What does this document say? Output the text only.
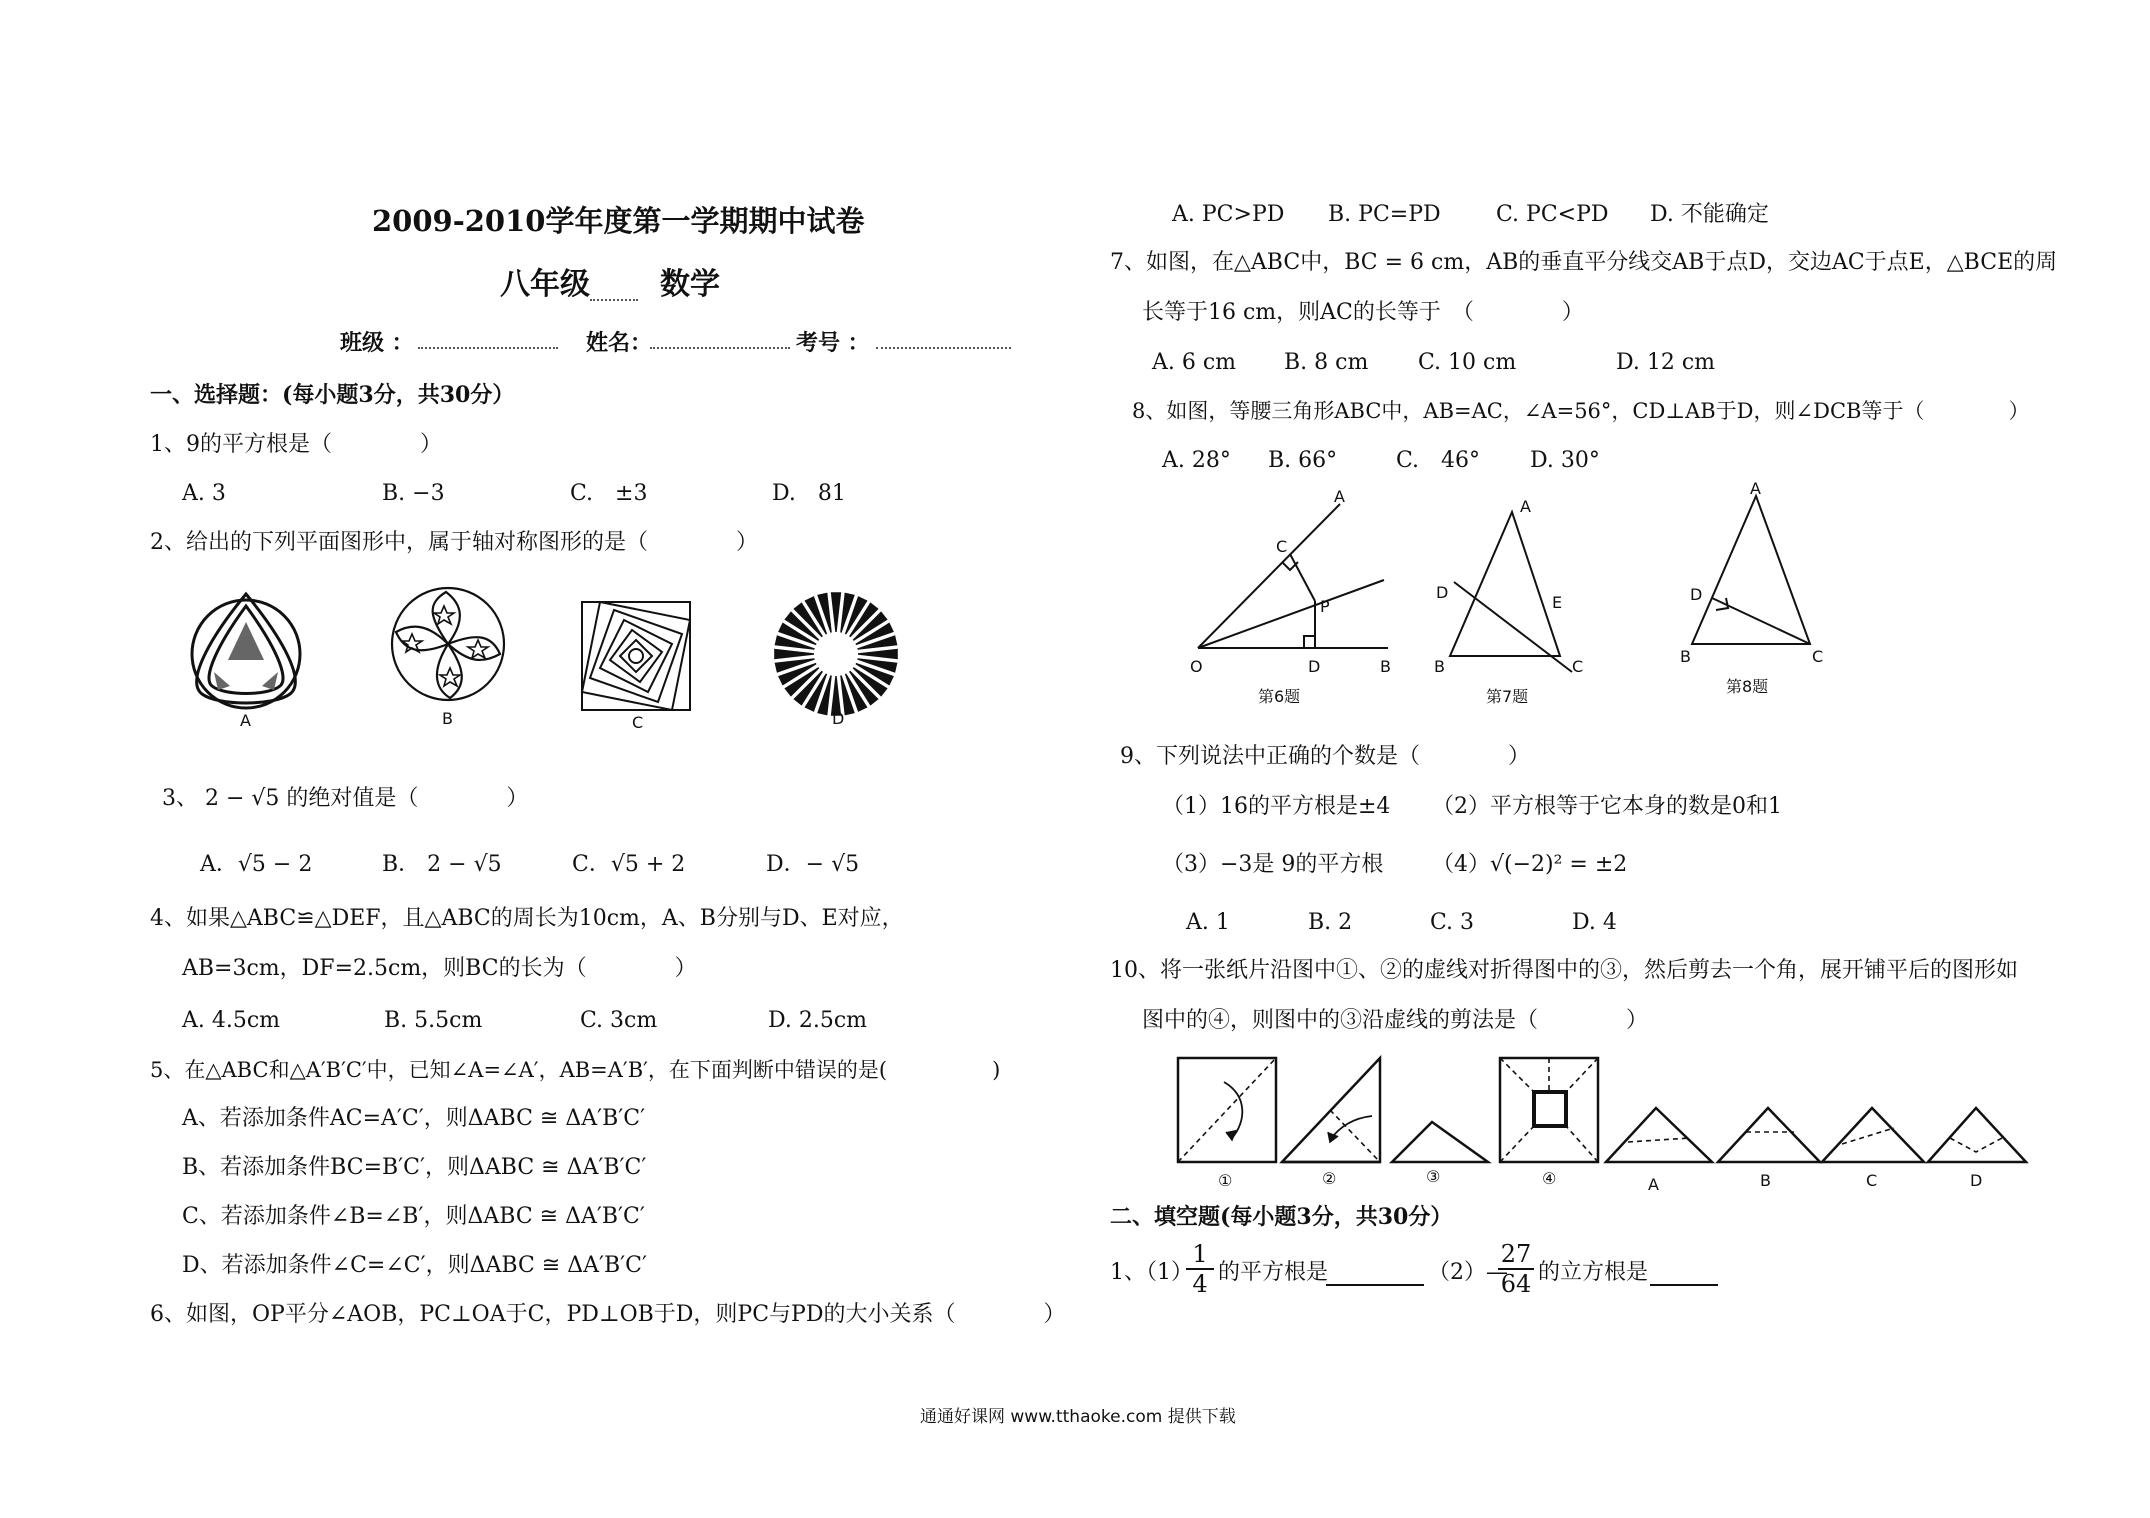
2009-2010学年度第一学期期中试卷
八年级 数学
班级 ：	姓名：	考号 ：
一、选择题：(每小题3分，共30分）
1、9的平方根是（　　　　）
A. 3	B. −3	C.　±3	D.　81
2、给出的下列平面图形中，属于轴对称图形的是（　　　　）
A	B	C	D
3、 2 − √5 的绝对值是（　　　　）
A．√5 − 2	B． 2 − √5	C．√5 + 2	D．− √5
4、如果△ABC≌△DEF，且△ABC的周长为10cm，A、B分别与D、E对应，
AB=3cm，DF=2.5cm，则BC的长为（　　　　）
A. 4.5cm	B. 5.5cm	C. 3cm	D. 2.5cm
5、在△ABC和△A′B′C′中，已知∠A=∠A′，AB=A′B′，在下面判断中错误的是(　　　　　)
A、若添加条件AC=A′C′，则ΔABC ≅ ΔA′B′C′
B、若添加条件BC=B′C′，则ΔABC ≅ ΔA′B′C′
C、若添加条件∠B=∠B′，则ΔABC ≅ ΔA′B′C′
D、若添加条件∠C=∠C′，则ΔABC ≅ ΔA′B′C′
6、如图，OP平分∠AOB，PC⊥OA于C，PD⊥OB于D，则PC与PD的大小关系（　　　　）
A. PC>PD B. PC=PD	C. PC<PD D. 不能确定
7、如图，在△ABC中，BC = 6 cm，AB的垂直平分线交AB于点D，交边AC于点E，△BCE的周
长等于16 cm，则AC的长等于　（　　　　）
A. 6 cm B. 8 cm C. 10 cm	D. 12 cm
8、如图，等腰三角形ABC中，AB=AC，∠A=56°，CD⊥AB于D，则∠DCB等于（　　　　）
A. 28° B. 66°	C.　46° D. 30°
A
C
P
O	D	B
第6题
A
D
E
B	C
第7题
A
D
B	C
第8题
9、下列说法中正确的个数是（　　　　）
（1）16的平方根是±4 （2）平方根等于它本身的数是0和1
（3）−3是 9的平方根 （4）√(−2)² = ±2
A. 1	B. 2	C. 3	D. 4
10、将一张纸片沿图中①、②的虚线对折得图中的③，然后剪去一个角，展开铺平后的图形如
图中的④，则图中的③沿虚线的剪法是（　　　　）
①	②	③	④	A	B	C	D
二、填空题(每小题3分，共30分）
1、（1）
$\frac{1}{4}$ 的平方根是	（2）—
$\frac{27}{64}$ 的立方根是
通通好课网 www.tthaoke.com 提供下载
